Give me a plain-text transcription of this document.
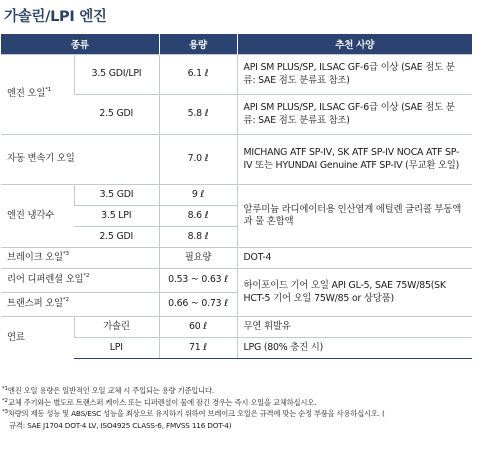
가솔린/LPI 엔진
종류		용량	추천 사양
엔진 오일$^{*1}$	3.5 GDI/LPI	6.1 ℓ	API SM PLUS/SP, ILSAC GF-6급 이상 (SAE 점도 분류: SAE 점도 분류표 참조)
	2.5 GDI	5.8 ℓ	API SM PLUS/SP, ILSAC GF-6급 이상 (SAE 점도 분류: SAE 점도 분류표 참조)
자동 변속기 오일		7.0 ℓ	MICHANG ATF SP-IV, SK ATF SP-IV NOCA ATF SP-IV 또는 HYUNDAI Genuine ATF SP-IV (무교환 오일)
엔진 냉각수	3.5 GDI	9 ℓ	알루미늄 라디에이터용 인산염계 에틸렌 글리콜 부동액과 물 혼합액
	3.5 LPI	8.6 ℓ	
	2.5 GDI	8.8 ℓ	
브레이크 오일$^{*3}$		필요량	DOT-4
리어 디퍼렌셜 오일$^{*2}$		0.53 ~ 0.63 ℓ	하이포이드 기어 오일 API GL-5, SAE 75W/85(SK HCT-5 기어 오일 75W/85 or 상당품)
트랜스퍼 오일$^{*2}$		0.66 ~ 0.73 ℓ	
연료	가솔린	60 ℓ	무연 휘발유
	LPI	71 ℓ	LPG (80% 충진 시)

$^{*1}$엔진 오일 용량은 일반적인 오일 교체 시 주입되는 용량 기준입니다.

$^{*2}$교체 주기와는 별도로 트랜스퍼 케이스 또는 디퍼렌셜이 물에 잠긴 경우는 즉시 오일을 교체하십시오.

$^{*3}$차량의 제동 성능 및 ABS/ESC 성능을 최상으로 유지하기 위하여 브레이크 오일은 규격에 맞는 순정 부품을 사용하십시오. (

규격: SAE J1704 DOT-4 LV, ISO4925 CLASS-6, FMVSS 116 DOT-4)
